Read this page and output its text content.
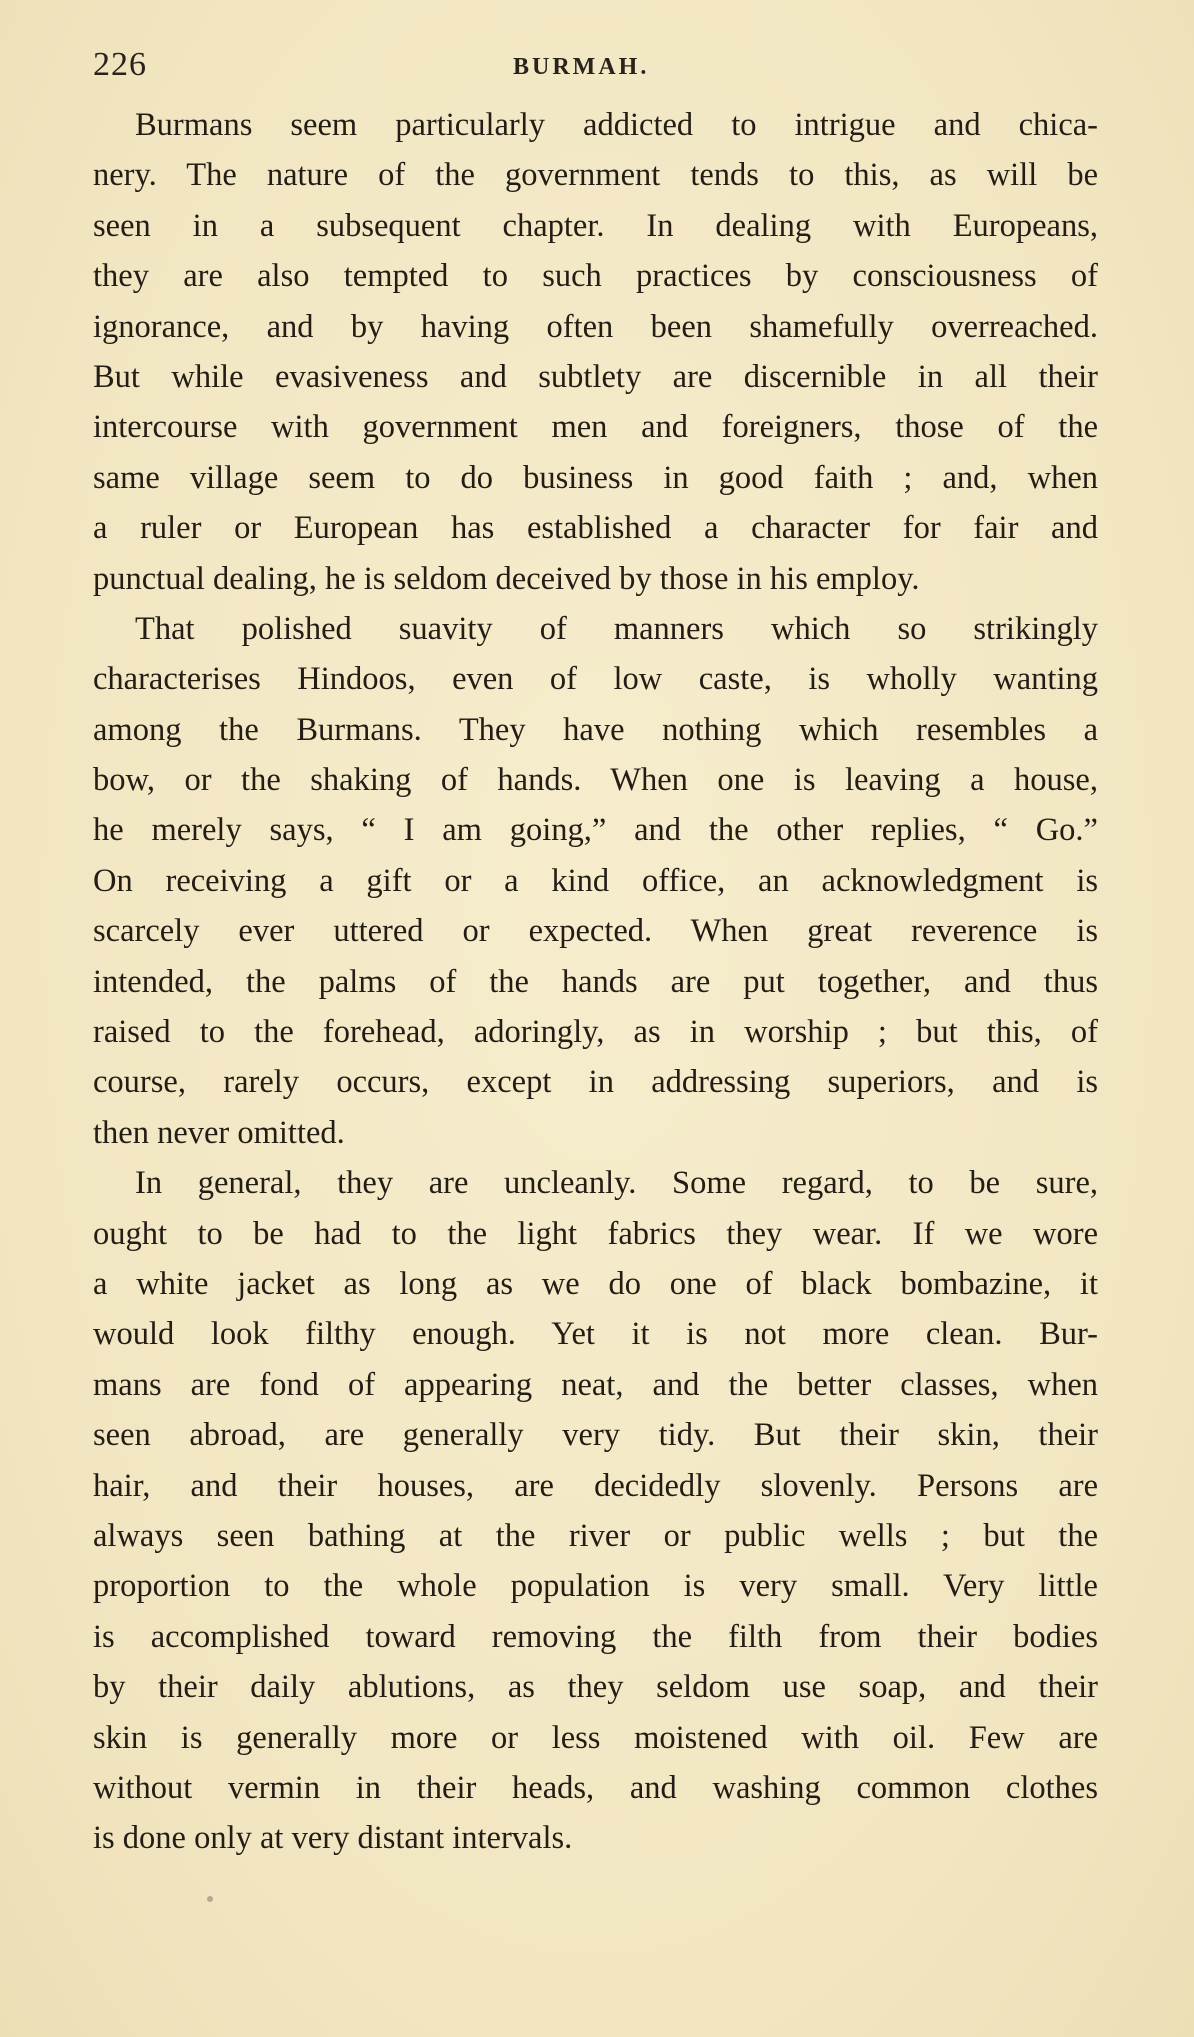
226	BURMAH.
Burmans seem particularly addicted to intrigue and chica-
nery. The nature of the government tends to this, as will be
seen in a subsequent chapter. In dealing with Europeans,
they are also tempted to such practices by consciousness of
ignorance, and by having often been shamefully overreached.
But while evasiveness and subtlety are discernible in all their
intercourse with government men and foreigners, those of the
same village seem to do business in good faith ; and, when
a ruler or European has established a character for fair and
punctual dealing, he is seldom deceived by those in his employ.
That polished suavity of manners which so strikingly
characterises Hindoos, even of low caste, is wholly wanting
among the Burmans. They have nothing which resembles a
bow, or the shaking of hands. When one is leaving a house,
he merely says, “ I am going,” and the other replies, “ Go.”
On receiving a gift or a kind office, an acknowledgment is
scarcely ever uttered or expected. When great reverence is
intended, the palms of the hands are put together, and thus
raised to the forehead, adoringly, as in worship ; but this, of
course, rarely occurs, except in addressing superiors, and is
then never omitted.
In general, they are uncleanly. Some regard, to be sure,
ought to be had to the light fabrics they wear. If we wore
a white jacket as long as we do one of black bombazine, it
would look filthy enough. Yet it is not more clean. Bur-
mans are fond of appearing neat, and the better classes, when
seen abroad, are generally very tidy. But their skin, their
hair, and their houses, are decidedly slovenly. Persons are
always seen bathing at the river or public wells ; but the
proportion to the whole population is very small. Very little
is accomplished toward removing the filth from their bodies
by their daily ablutions, as they seldom use soap, and their
skin is generally more or less moistened with oil. Few are
without vermin in their heads, and washing common clothes
is done only at very distant intervals.
